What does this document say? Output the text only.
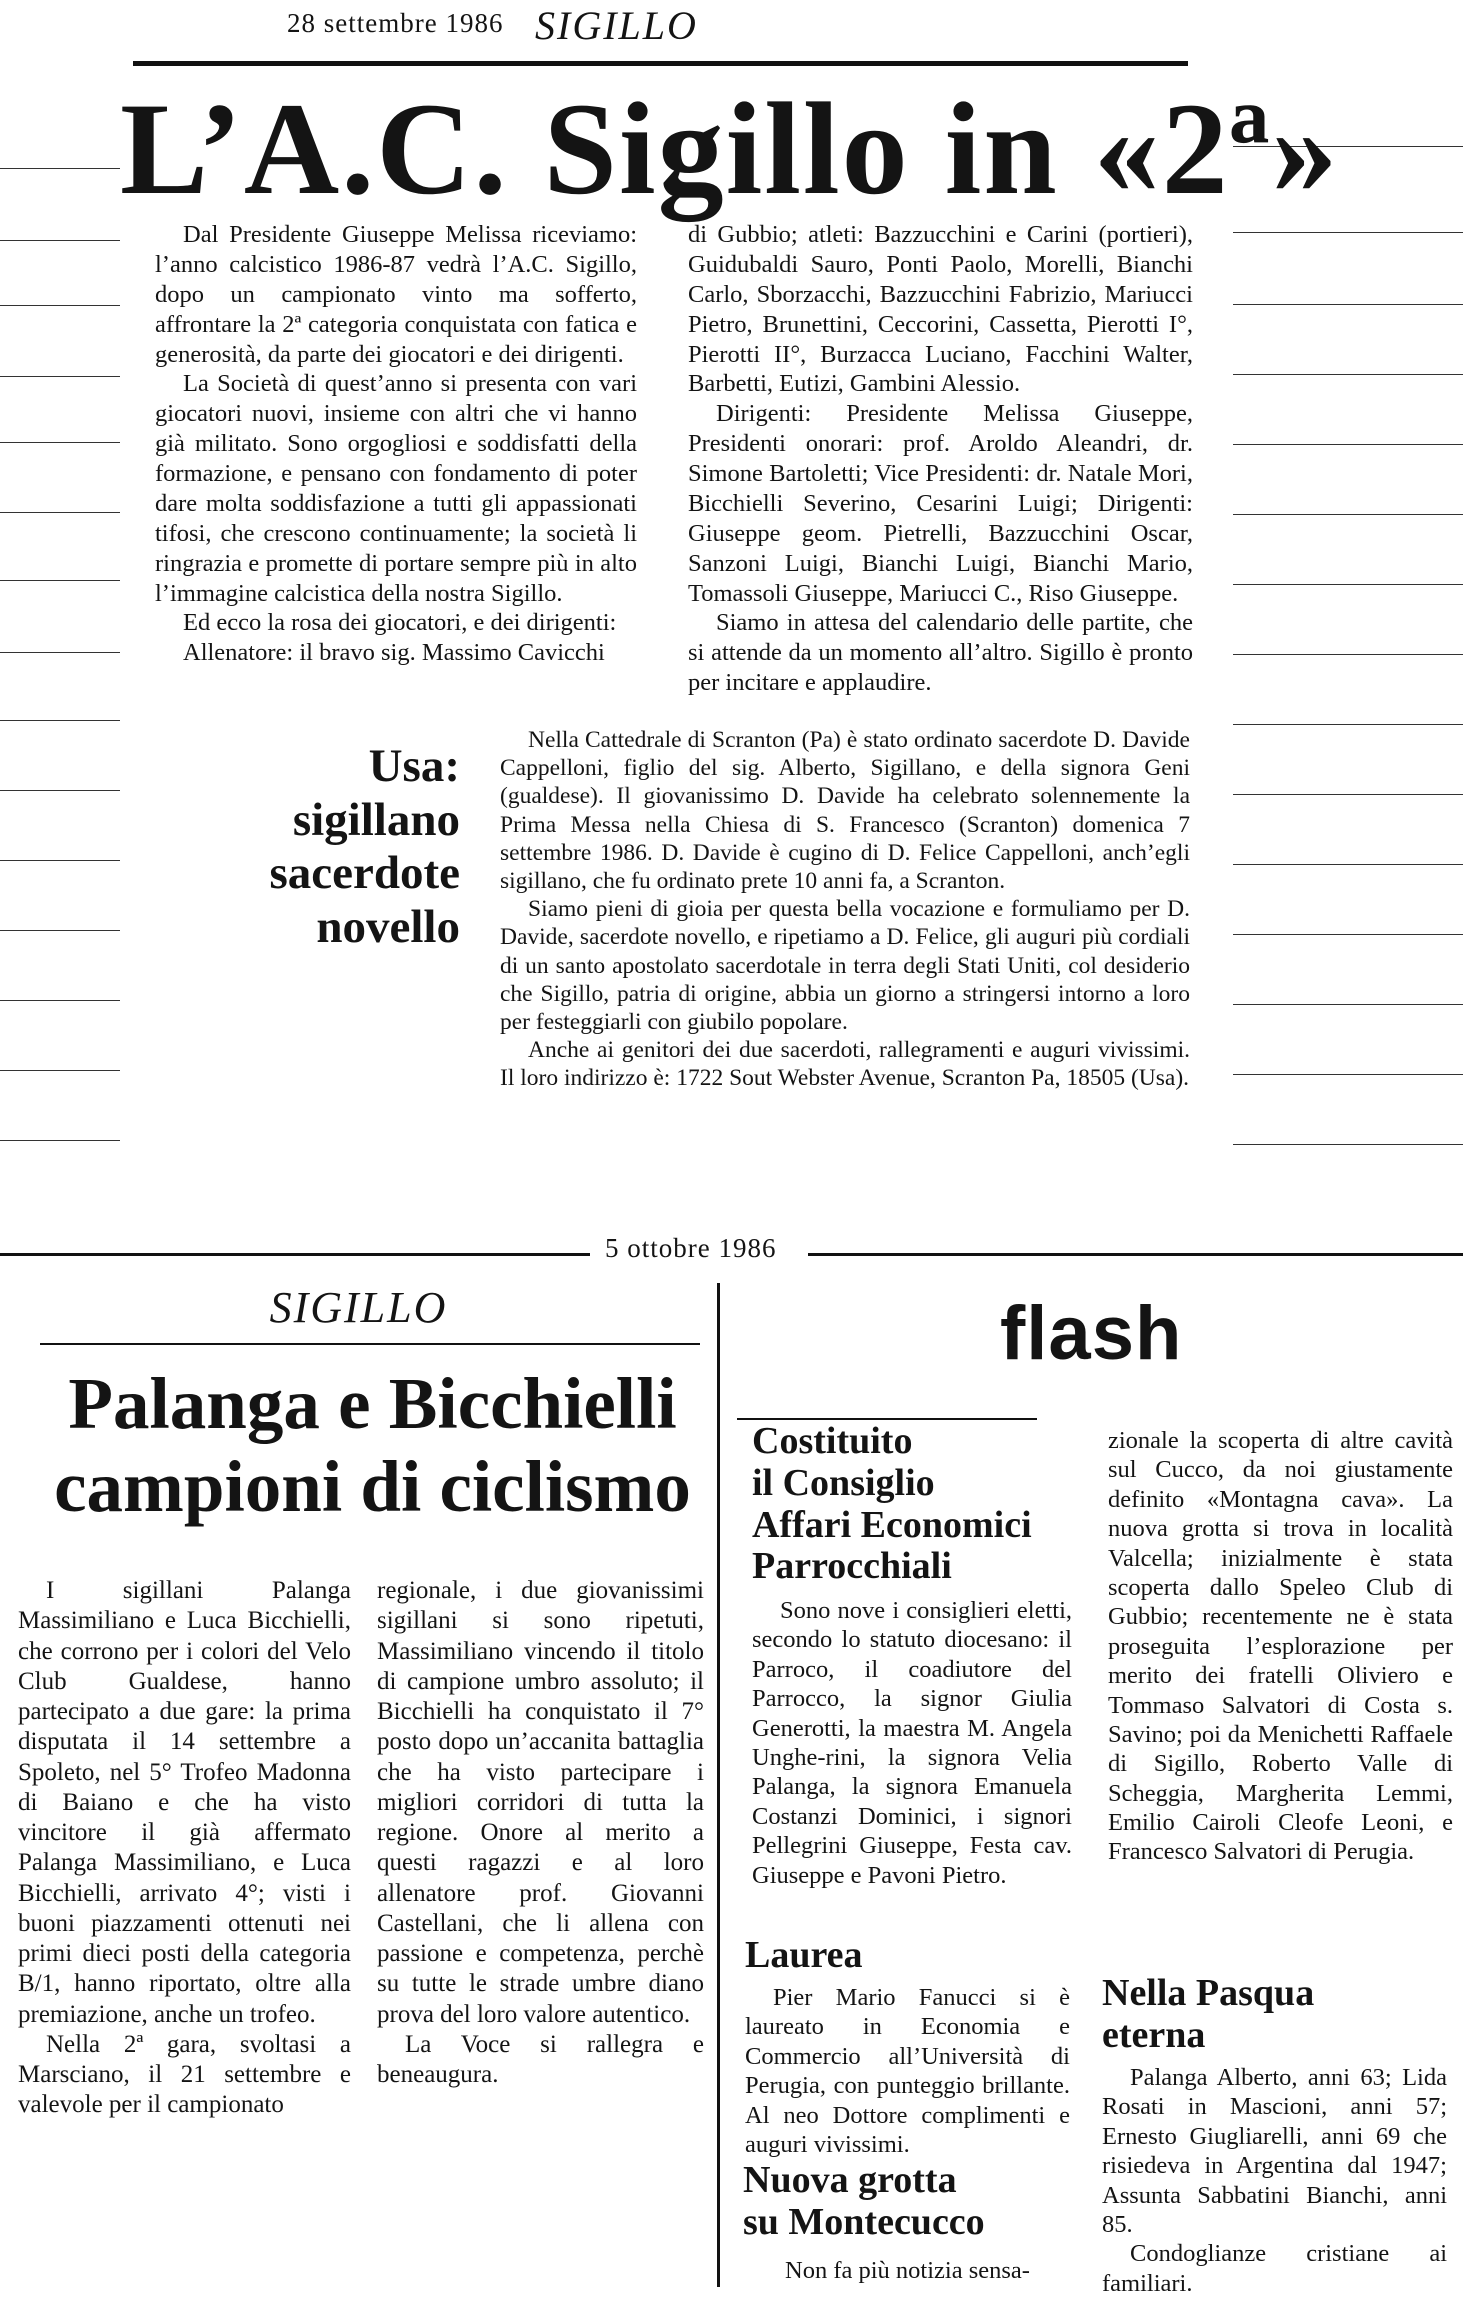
28 settembre 1986 SIGILLO
L’A.C. Sigillo in «2ª»

Dal Presidente Giuseppe Melissa riceviamo: l’anno calcistico 1986-87 vedrà l’A.C. Sigillo, dopo un campionato vinto ma sofferto, affrontare la 2ª categoria conquistata con fatica e generosità, da parte dei giocatori e dei dirigenti.

La Società di quest’anno si presenta con vari giocatori nuovi, insieme con altri che vi hanno già militato. Sono orgogliosi e soddisfatti della formazione, e pensano con fondamento di poter dare molta soddisfazione a tutti gli appassionati tifosi, che crescono continuamente; la società li ringrazia e promette di portare sempre più in alto l’immagine calcistica della nostra Sigillo.

Ed ecco la rosa dei giocatori, e dei dirigenti:

Allenatore: il bravo sig. Massimo Cavicchi

di Gubbio; atleti: Bazzucchini e Carini (portieri), Guidubaldi Sauro, Ponti Paolo, Morelli, Bianchi Carlo, Sborzacchi, Bazzucchini Fabrizio, Mariucci Pietro, Brunettini, Ceccorini, Cassetta, Pierotti I°, Pierotti II°, Burzacca Luciano, Facchini Walter, Barbetti, Eutizi, Gambini Alessio.

Dirigenti: Presidente Melissa Giuseppe, Presidenti onorari: prof. Aroldo Aleandri, dr. Simone Bartoletti; Vice Presidenti: dr. Natale Mori, Bicchielli Severino, Cesarini Luigi; Dirigenti: Giuseppe geom. Pietrelli, Bazzucchini Oscar, Sanzoni Luigi, Bianchi Luigi, Bianchi Mario, Tomassoli Giuseppe, Mariucci C., Riso Giuseppe.

Siamo in attesa del calendario delle partite, che si attende da un momento all’altro. Sigillo è pronto per incitare e applaudire.

Usa:
sigillano
sacerdote
novello

Nella Cattedrale di Scranton (Pa) è stato ordinato sacerdote D. Davide Cappelloni, figlio del sig. Alberto, Sigillano, e della signora Geni (gualdese). Il giovanissimo D. Davide ha celebrato solennemente la Prima Messa nella Chiesa di S. Francesco (Scranton) domenica 7 settembre 1986. D. Davide è cugino di D. Felice Cappelloni, anch’egli sigillano, che fu ordinato prete 10 anni fa, a Scranton.

Siamo pieni di gioia per questa bella vocazione e formuliamo per D. Davide, sacerdote novello, e ripetiamo a D. Felice, gli auguri più cordiali di un santo apostolato sacerdotale in terra degli Stati Uniti, col desiderio che Sigillo, patria di origine, abbia un giorno a stringersi intorno a loro per festeggiarli con giubilo popolare.

Anche ai genitori dei due sacerdoti, rallegramenti e auguri vivissimi. Il loro indirizzo è: 1722 Sout Webster Avenue, Scranton Pa, 18505 (Usa).

5 ottobre 1986
SIGILLO
Palanga e Bicchielli
campioni di ciclismo

I sigillani Palanga Massimiliano e Luca Bicchielli, che corrono per i colori del Velo Club Gualdese, hanno partecipato a due gare: la prima disputata il 14 settembre a Spoleto, nel 5° Trofeo Madonna di Baiano e che ha visto vincitore il già affermato Palanga Massimiliano, e Luca Bicchielli, arrivato 4°; visti i buoni piazzamenti ottenuti nei primi dieci posti della categoria B/1, hanno riportato, oltre alla premiazione, anche un trofeo.

Nella 2ª gara, svoltasi a Marsciano, il 21 settembre e valevole per il campionato

regionale, i due giovanissimi sigillani si sono ripetuti, Massimiliano vincendo il titolo di campione umbro assoluto; il Bicchielli ha conquistato il 7° posto dopo un’accanita battaglia che ha visto partecipare i migliori corridori di tutta la regione. Onore al merito a questi ragazzi e al loro allenatore prof. Giovanni Castellani, che li allena con passione e competenza, perchè su tutte le strade umbre diano prova del loro valore autentico.

La Voce si rallegra e beneaugura.

flash
Costituito
il Consiglio
Affari Economici
Parrocchiali

Sono nove i consiglieri eletti, secondo lo statuto diocesano: il Parroco, il coadiutore del Parrocco, la signor Giulia Generotti, la maestra M. Angela Unghe-rini, la signora Velia Palanga, la signora Emanuela Costanzi Dominici, i signori Pellegrini Giuseppe, Festa cav. Giuseppe e Pavoni Pietro.

Laurea

Pier Mario Fanucci si è laureato in Economia e Commercio all’Università di Perugia, con punteggio brillante. Al neo Dottore complimenti e auguri vivissimi.

Nuova grotta
su Montecucco
Non fa più notizia sensa-

zionale la scoperta di altre cavità sul Cucco, da noi giustamente definito «Montagna cava». La nuova grotta si trova in località Valcella; inizialmente è stata scoperta dallo Speleo Club di Gubbio; recentemente ne è stata proseguita l’esplorazione per merito dei fratelli Oliviero e Tommaso Salvatori di Costa s. Savino; poi da Menichetti Raffaele di Sigillo, Roberto Valle di Scheggia, Margherita Lemmi, Emilio Cairoli Cleofe Leoni, e Francesco Salvatori di Perugia.

Nella Pasqua
eterna

Palanga Alberto, anni 63; Lida Rosati in Mascioni, anni 57; Ernesto Giugliarelli, anni 69 che risiedeva in Argentina dal 1947; Assunta Sabbatini Bianchi, anni 85.

Condoglianze cristiane ai familiari.
